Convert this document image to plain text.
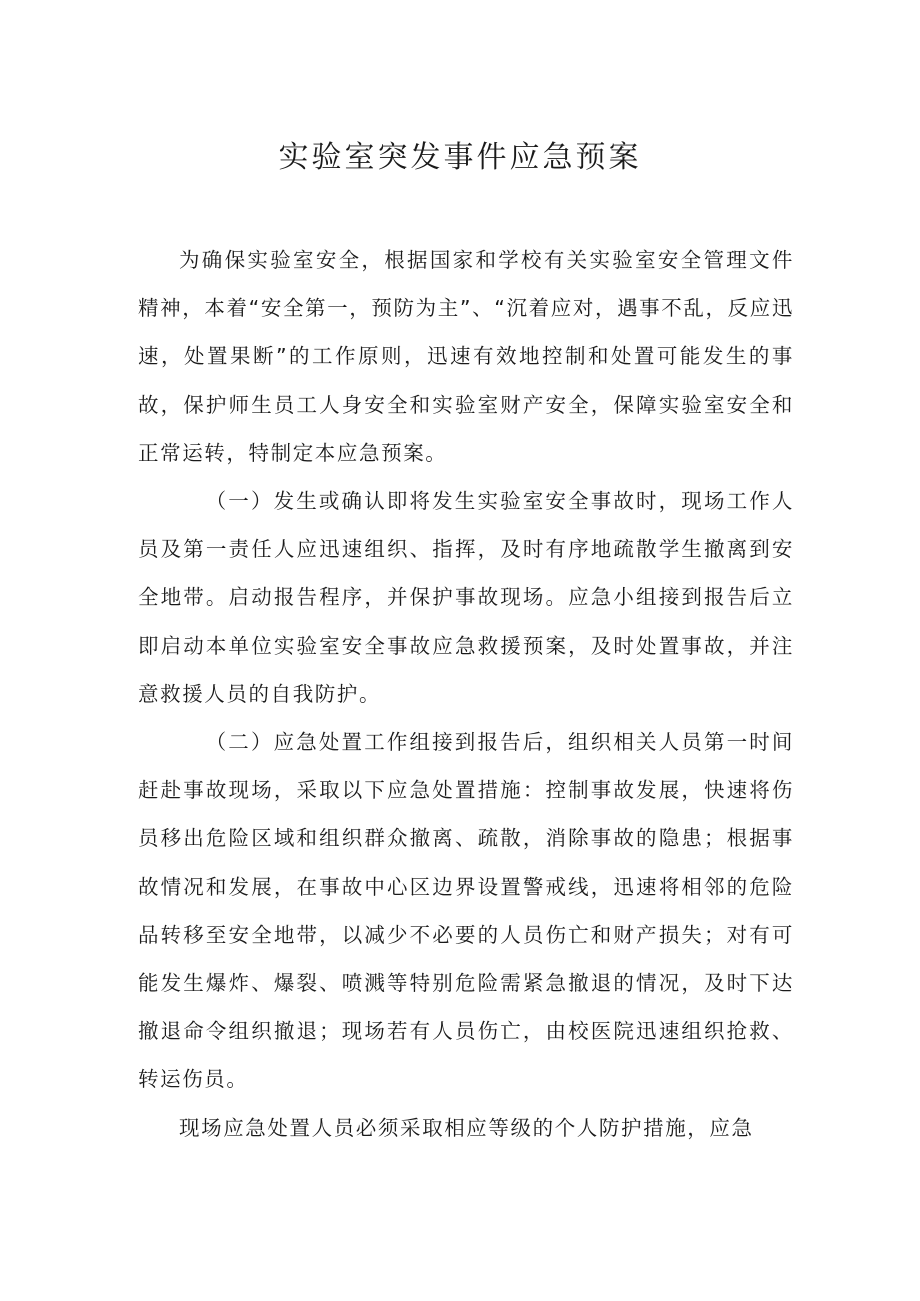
实验室突发事件应急预案

为确保实验室安全，根据国家和学校有关实验室安全管理文件精神，本着“安全第一，预防为主”、“沉着应对，遇事不乱，反应迅速，处置果断”的工作原则，迅速有效地控制和处置可能发生的事故，保护师生员工人身安全和实验室财产安全，保障实验室安全和正常运转，特制定本应急预案。

（一）发生或确认即将发生实验室安全事故时，现场工作人员及第一责任人应迅速组织、指挥，及时有序地疏散学生撤离到安全地带。启动报告程序，并保护事故现场。应急小组接到报告后立即启动本单位实验室安全事故应急救援预案，及时处置事故，并注意救援人员的自我防护。

（二）应急处置工作组接到报告后，组织相关人员第一时间赶赴事故现场，采取以下应急处置措施：控制事故发展，快速将伤员移出危险区域和组织群众撤离、疏散，消除事故的隐患；根据事故情况和发展，在事故中心区边界设置警戒线，迅速将相邻的危险品转移至安全地带，以减少不必要的人员伤亡和财产损失；对有可能发生爆炸、爆裂、喷溅等特别危险需紧急撤退的情况，及时下达撤退命令组织撤退；现场若有人员伤亡，由校医院迅速组织抢救、转运伤员。

现场应急处置人员必须采取相应等级的个人防护措施，应急
